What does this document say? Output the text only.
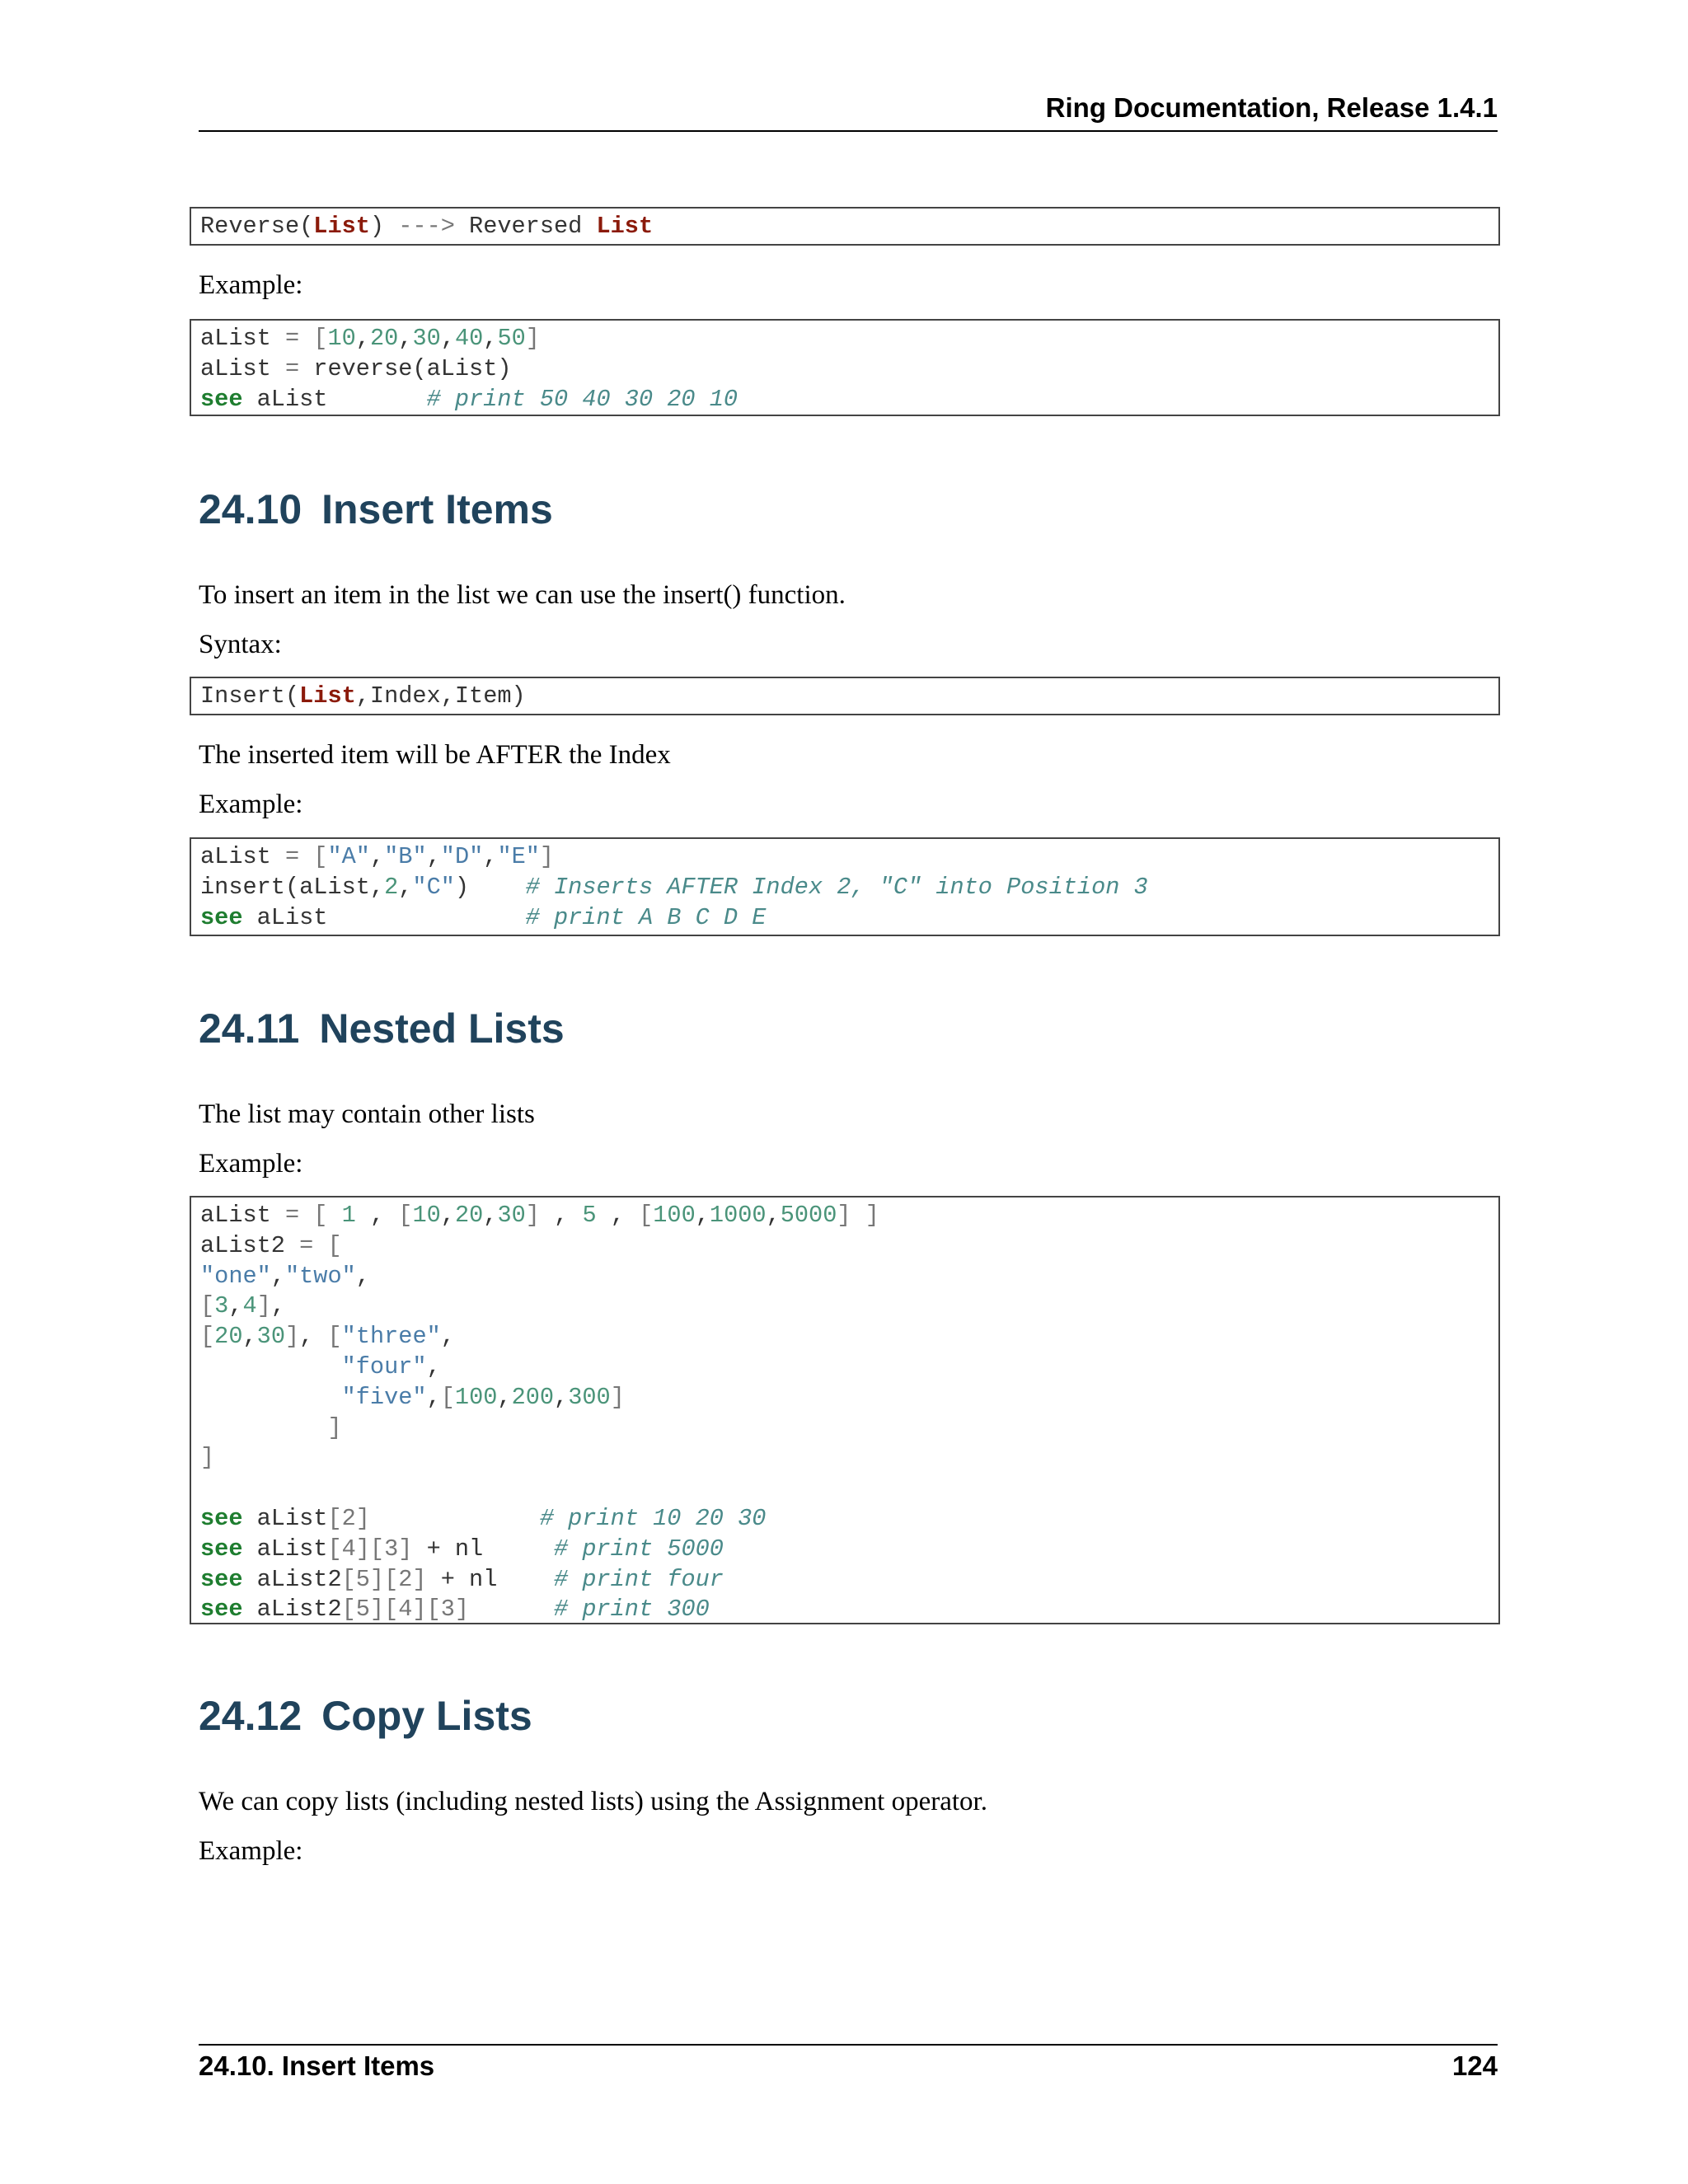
Ring Documentation, Release 1.4.1
Reverse(List) ---> Reversed List
Example:
aList = [10,20,30,40,50]
aList = reverse(aList)
see aList       # print 50 40 30 20 10
24.10 Insert Items
To insert an item in the list we can use the insert() function.
Syntax:
Insert(List,Index,Item)
The inserted item will be AFTER the Index
Example:
aList = ["A","B","D","E"]
insert(aList,2,"C")    # Inserts AFTER Index 2, "C" into Position 3
see aList              # print A B C D E
24.11 Nested Lists
The list may contain other lists
Example:
aList = [ 1 , [10,20,30] , 5 , [100,1000,5000] ]
aList2 = [
"one","two",
[3,4],
[20,30], ["three",
"four",
"five",[100,200,300]
]
]
see aList[2]	# print 10 20 30
see aList[4][3] + nl     # print 5000
see aList2[5][2] + nl    # print four
see aList2[5][4][3]	# print 300
24.12 Copy Lists
We can copy lists (including nested lists) using the Assignment operator.
Example:
24.10. Insert Items	124
